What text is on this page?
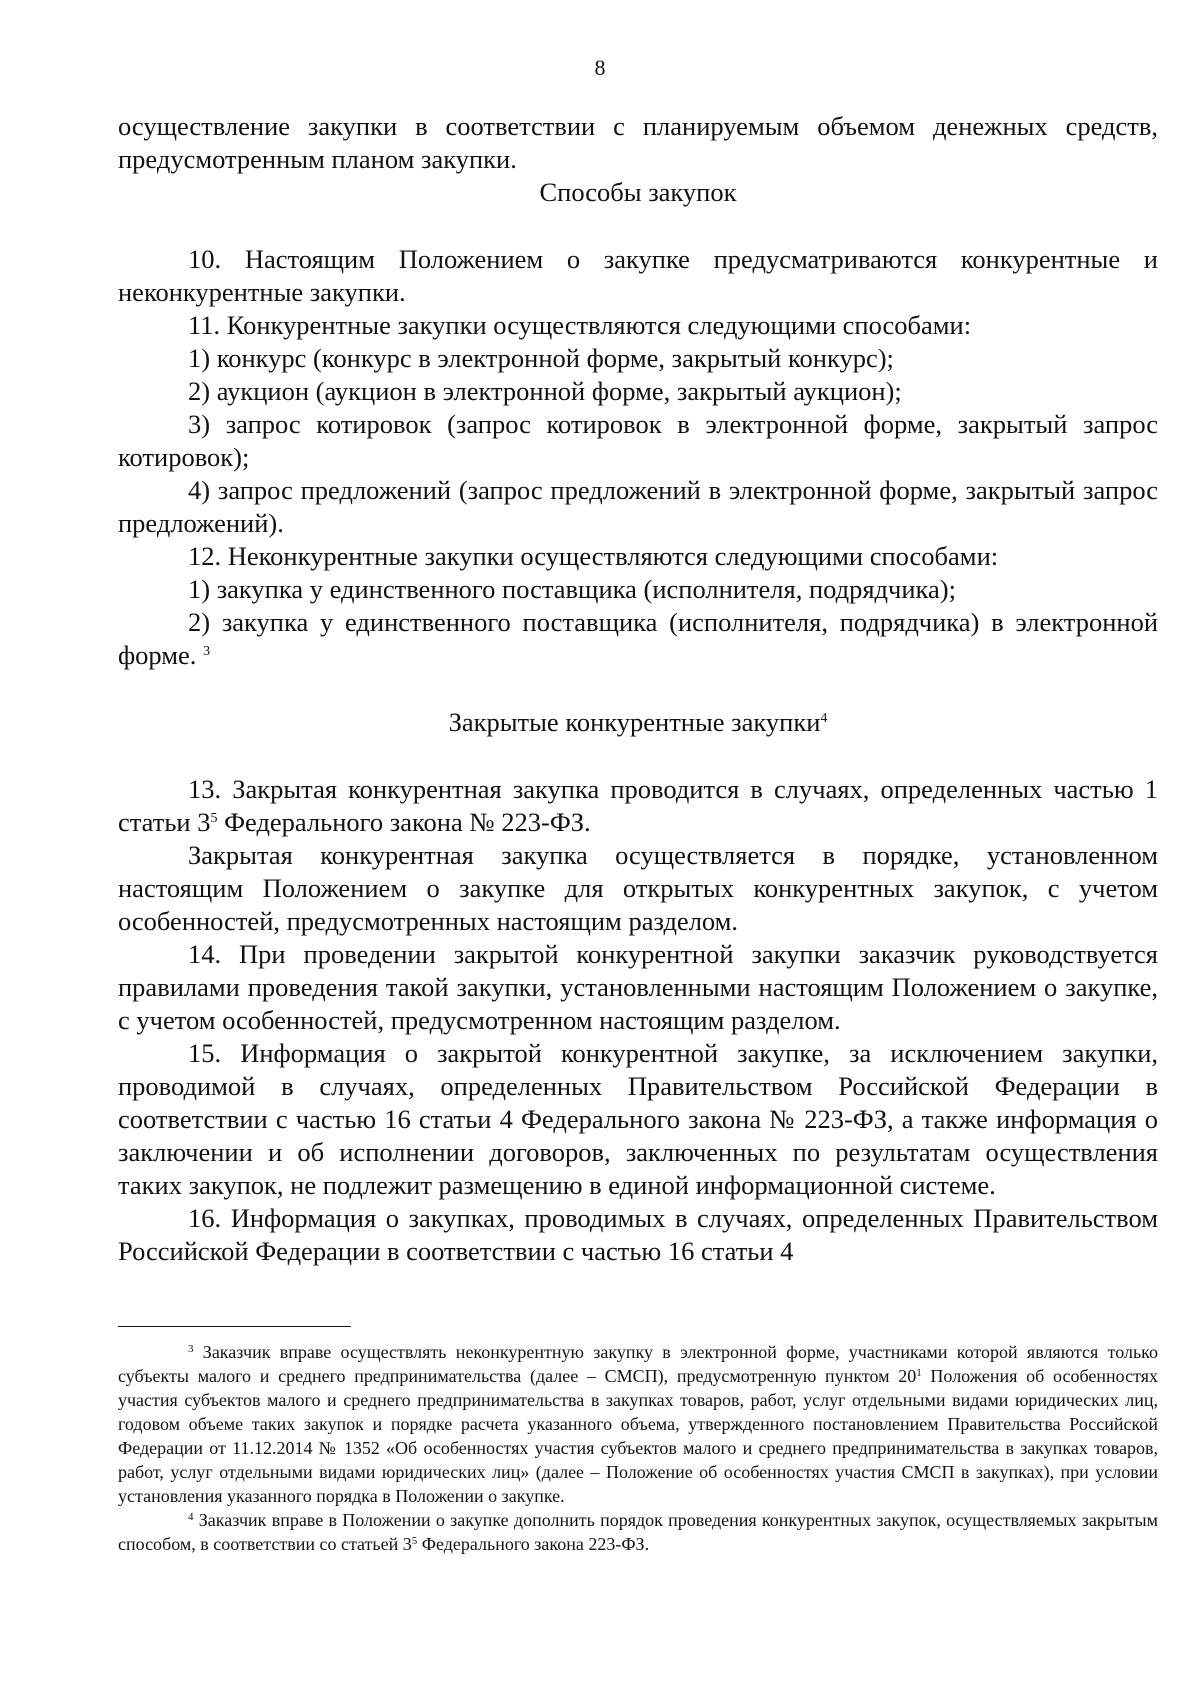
8

осуществление закупки в соответствии с планируемым объемом денежных средств, предусмотренным планом закупки.

Способы закупок

10. Настоящим Положением о закупке предусматриваются конкурентные и неконкурентные закупки.

11. Конкурентные закупки осуществляются следующими способами:

1) конкурс (конкурс в электронной форме, закрытый конкурс);

2) аукцион (аукцион в электронной форме, закрытый аукцион);

3) запрос котировок (запрос котировок в электронной форме, закрытый запрос котировок);

4) запрос предложений (запрос предложений в электронной форме, закрытый запрос предложений).

12. Неконкурентные закупки осуществляются следующими способами:

1) закупка у единственного поставщика (исполнителя, подрядчика);

2) закупка у единственного поставщика (исполнителя, подрядчика) в электронной форме. $^3$

Закрытые конкурентные закупки$^4$

13. Закрытая конкурентная закупка проводится в случаях, определенных частью 1 статьи $3^5$ Федерального закона № 223-ФЗ.

Закрытая конкурентная закупка осуществляется в порядке, установленном настоящим Положением о закупке для открытых конкурентных закупок, с учетом особенностей, предусмотренных настоящим разделом.

14. При проведении закрытой конкурентной закупки заказчик руководствуется правилами проведения такой закупки, установленными настоящим Положением о закупке, с учетом особенностей, предусмотренном настоящим разделом.

15. Информация о закрытой конкурентной закупке, за исключением закупки, проводимой в случаях, определенных Правительством Российской Федерации в соответствии с частью 16 статьи 4 Федерального закона № 223-ФЗ, а также информация о заключении и об исполнении договоров, заключенных по результатам осуществления таких закупок, не подлежит размещению в единой информационной системе.

16. Информация о закупках, проводимых в случаях, определенных Правительством Российской Федерации в соответствии с частью 16 статьи 4

$^3$ Заказчик вправе осуществлять неконкурентную закупку в электронной форме, участниками которой являются только субъекты малого и среднего предпринимательства (далее – СМСП), предусмотренную пунктом $20^1$ Положения об особенностях участия субъектов малого и среднего предпринимательства в закупках товаров, работ, услуг отдельными видами юридических лиц, годовом объеме таких закупок и порядке расчета указанного объема, утвержденного постановлением Правительства Российской Федерации от 11.12.2014 № 1352 «Об особенностях участия субъектов малого и среднего предпринимательства в закупках товаров, работ, услуг отдельными видами юридических лиц» (далее – Положение об особенностях участия СМСП в закупках), при условии установления указанного порядка в Положении о закупке.

$^4$ Заказчик вправе в Положении о закупке дополнить порядок проведения конкурентных закупок, осуществляемых закрытым способом, в соответствии со статьей $3^5$ Федерального закона 223-ФЗ.
